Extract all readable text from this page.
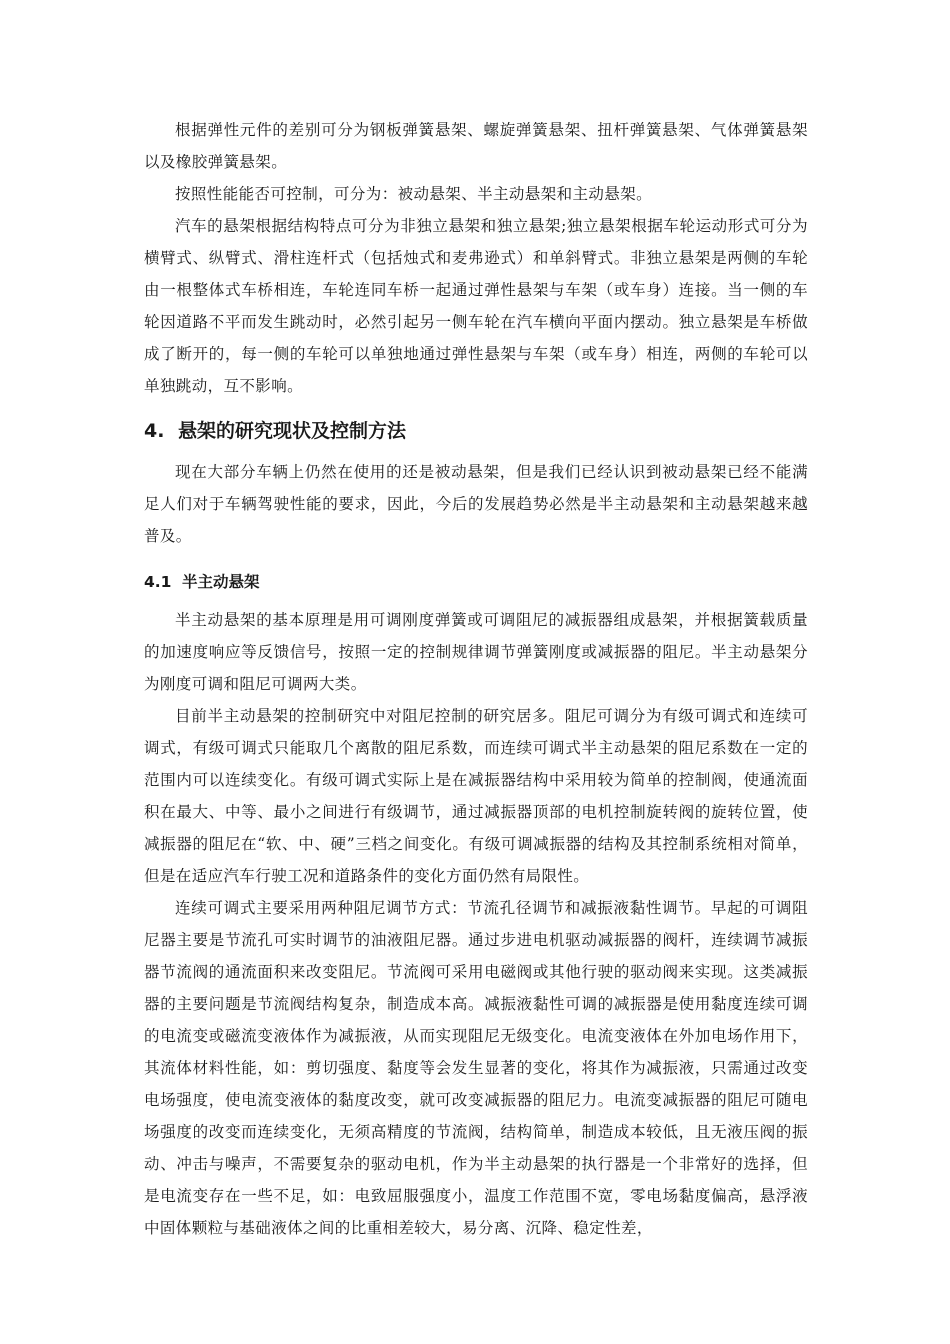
根据弹性元件的差别可分为钢板弹簧悬架、螺旋弹簧悬架、扭杆弹簧悬架、气体弹簧悬架以及橡胶弹簧悬架。

按照性能能否可控制，可分为：被动悬架、半主动悬架和主动悬架。

汽车的悬架根据结构特点可分为非独立悬架和独立悬架;独立悬架根据车轮运动形式可分为横臂式、纵臂式、滑柱连杆式（包括烛式和麦弗逊式）和单斜臂式。非独立悬架是两侧的车轮由一根整体式车桥相连，车轮连同车桥一起通过弹性悬架与车架（或车身）连接。当一侧的车轮因道路不平而发生跳动时，必然引起另一侧车轮在汽车横向平面内摆动。独立悬架是车桥做成了断开的，每一侧的车轮可以单独地通过弹性悬架与车架（或车身）相连，两侧的车轮可以单独跳动，互不影响。

4. 悬架的研究现状及控制方法

现在大部分车辆上仍然在使用的还是被动悬架，但是我们已经认识到被动悬架已经不能满足人们对于车辆驾驶性能的要求，因此，今后的发展趋势必然是半主动悬架和主动悬架越来越普及。

4.1 半主动悬架

半主动悬架的基本原理是用可调刚度弹簧或可调阻尼的减振器组成悬架，并根据簧载质量的加速度响应等反馈信号，按照一定的控制规律调节弹簧刚度或减振器的阻尼。半主动悬架分为刚度可调和阻尼可调两大类。

目前半主动悬架的控制研究中对阻尼控制的研究居多。阻尼可调分为有级可调式和连续可调式，有级可调式只能取几个离散的阻尼系数，而连续可调式半主动悬架的阻尼系数在一定的范围内可以连续变化。有级可调式实际上是在减振器结构中采用较为简单的控制阀，使通流面积在最大、中等、最小之间进行有级调节，通过减振器顶部的电机控制旋转阀的旋转位置，使减振器的阻尼在“软、中、硬”三档之间变化。有级可调减振器的结构及其控制系统相对简单，但是在适应汽车行驶工况和道路条件的变化方面仍然有局限性。

连续可调式主要采用两种阻尼调节方式：节流孔径调节和减振液黏性调节。早起的可调阻尼器主要是节流孔可实时调节的油液阻尼器。通过步进电机驱动减振器的阀杆，连续调节减振器节流阀的通流面积来改变阻尼。节流阀可采用电磁阀或其他行驶的驱动阀来实现。这类减振器的主要问题是节流阀结构复杂，制造成本高。减振液黏性可调的减振器是使用黏度连续可调的电流变或磁流变液体作为减振液，从而实现阻尼无级变化。电流变液体在外加电场作用下，其流体材料性能，如：剪切强度、黏度等会发生显著的变化，将其作为减振液，只需通过改变电场强度，使电流变液体的黏度改变，就可改变减振器的阻尼力。电流变减振器的阻尼可随电场强度的改变而连续变化，无须高精度的节流阀，结构简单，制造成本较低，且无液压阀的振动、冲击与噪声，不需要复杂的驱动电机，作为半主动悬架的执行器是一个非常好的选择，但是电流变存在一些不足，如：电致屈服强度小，温度工作范围不宽，零电场黏度偏高，悬浮液中固体颗粒与基础液体之间的比重相差较大，易分离、沉降、稳定性差，
